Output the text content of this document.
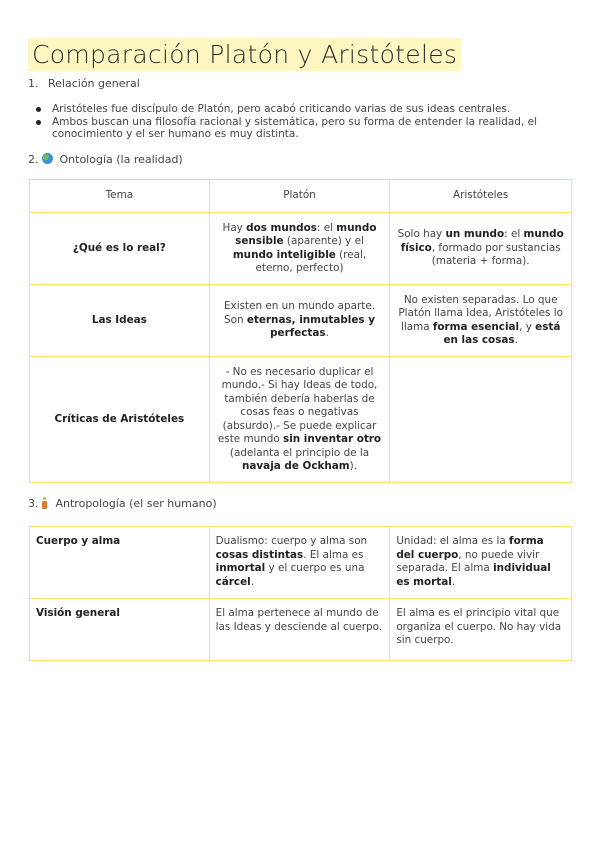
Comparación Platón y Aristóteles
1. Relación general
Aristóteles fue discípulo de Platón, pero acabó criticando varias de sus ideas centrales.
Ambos buscan una filosofía racional y sistemática, pero su forma de entender la realidad, el conocimiento y el ser humano es muy distinta.
2. Ontología (la realidad)
Tema	Platón	Aristóteles
¿Qué es lo real?	Hay dos mundos: el mundo sensible (aparente) y el mundo inteligible (real, eterno, perfecto)	Solo hay un mundo: el mundo físico, formado por sustancias (materia + forma).
Las Ideas	Existen en un mundo aparte. Son eternas, inmutables y perfectas.	No existen separadas. Lo que Platón llama Idea, Aristóteles lo llama forma esencial, y está en las cosas.
Críticas de Aristóteles	- No es necesario duplicar el mundo.- Si hay Ideas de todo, también debería haberlas de cosas feas o negativas (absurdo).- Se puede explicar este mundo sin inventar otro (adelanta el principio de la navaja de Ockham).	
3. Antropología (el ser humano)
Cuerpo y alma	Dualismo: cuerpo y alma son cosas distintas. El alma es inmortal y el cuerpo es una cárcel.	Unidad: el alma es la forma del cuerpo, no puede vivir separada. El alma individual es mortal.
Visión general	El alma pertenece al mundo de las Ideas y desciende al cuerpo.	El alma es el principio vital que organiza el cuerpo. No hay vida sin cuerpo.
